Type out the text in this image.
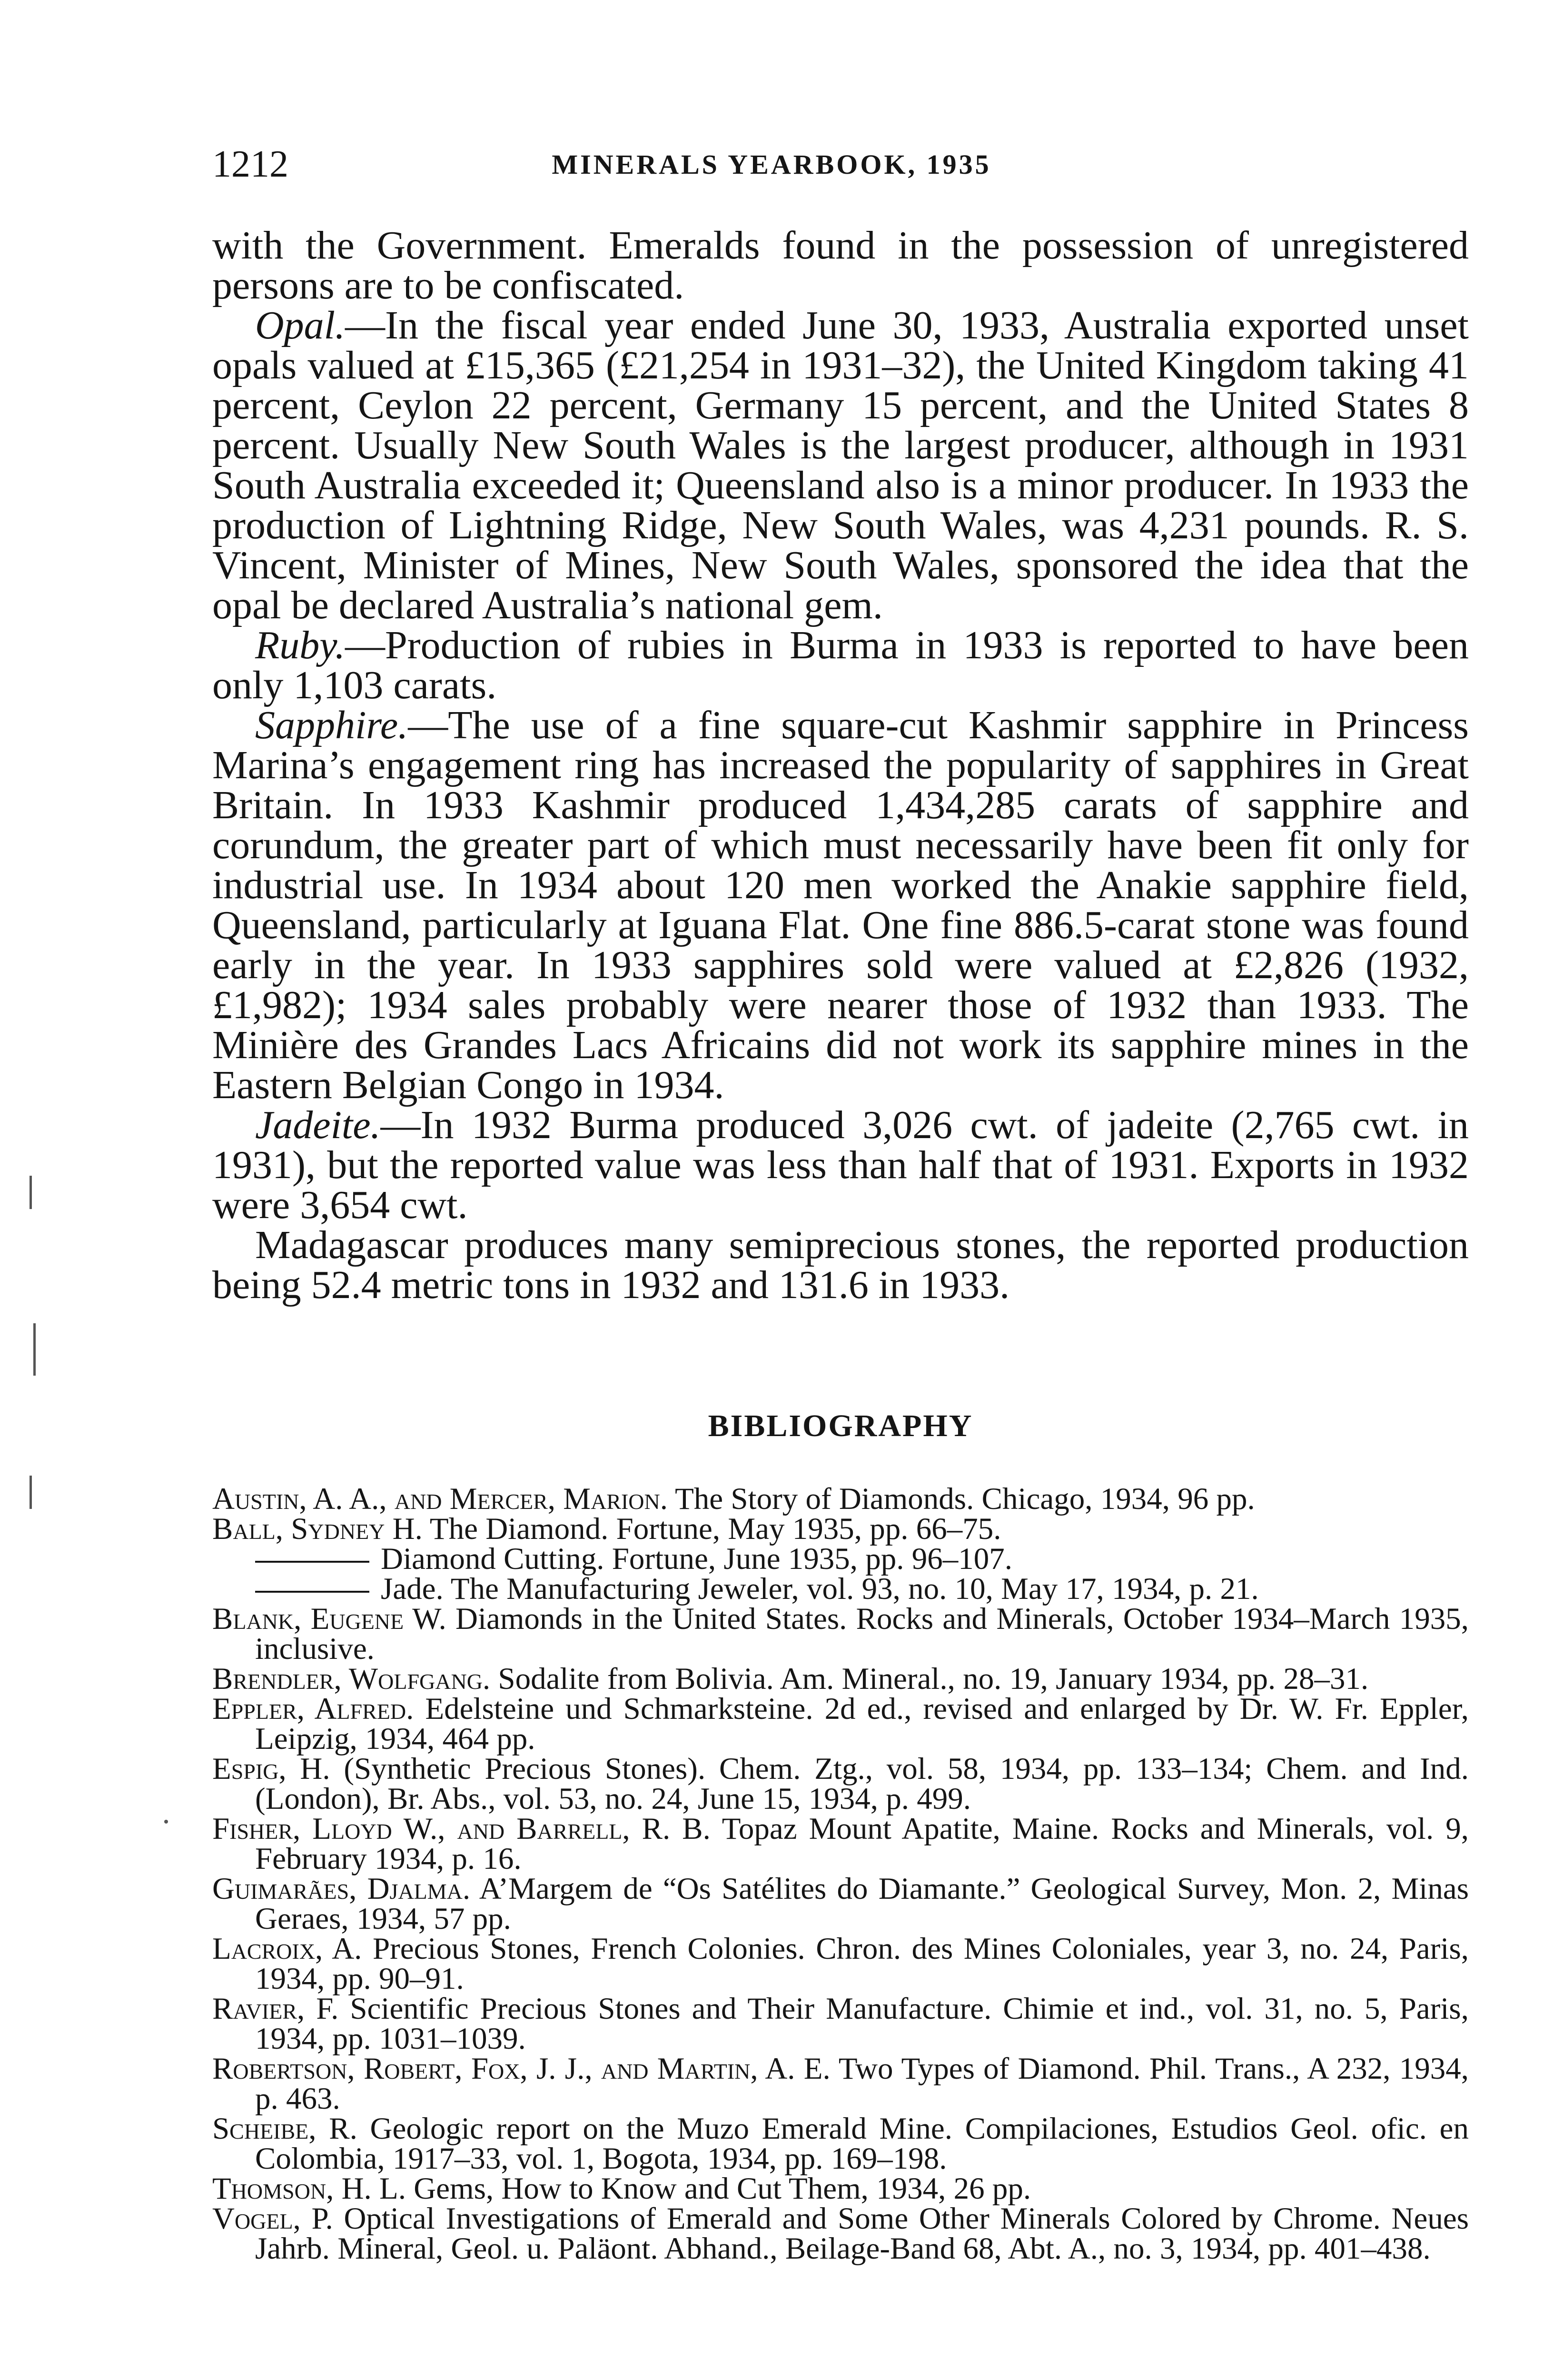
1212	MINERALS YEARBOOK, 1935

with the Government. Emeralds found in the possession of unregistered persons are to be confiscated.

Opal.—In the fiscal year ended June 30, 1933, Australia exported unset opals valued at £15,365 (£21,254 in 1931–32), the United Kingdom taking 41 percent, Ceylon 22 percent, Germany 15 percent, and the United States 8 percent. Usually New South Wales is the largest producer, although in 1931 South Australia exceeded it; Queensland also is a minor producer. In 1933 the production of Lightning Ridge, New South Wales, was 4,231 pounds. R. S. Vincent, Minister of Mines, New South Wales, sponsored the idea that the opal be declared Australia’s national gem.

Ruby.—Production of rubies in Burma in 1933 is reported to have been only 1,103 carats.

Sapphire.—The use of a fine square-cut Kashmir sapphire in Princess Marina’s engagement ring has increased the popularity of sapphires in Great Britain. In 1933 Kashmir produced 1,434,285 carats of sapphire and corundum, the greater part of which must necessarily have been fit only for industrial use. In 1934 about 120 men worked the Anakie sapphire field, Queensland, particularly at Iguana Flat. One fine 886.5-carat stone was found early in the year. In 1933 sapphires sold were valued at £2,826 (1932, £1,982); 1934 sales probably were nearer those of 1932 than 1933. The Minière des Grandes Lacs Africains did not work its sapphire mines in the Eastern Belgian Congo in 1934.

Jadeite.—In 1932 Burma produced 3,026 cwt. of jadeite (2,765 cwt. in 1931), but the reported value was less than half that of 1931. Exports in 1932 were 3,654 cwt.

Madagascar produces many semiprecious stones, the reported production being 52.4 metric tons in 1932 and 131.6 in 1933.

BIBLIOGRAPHY

Austin, A. A., and Mercer, Marion. The Story of Diamonds. Chicago, 1934, 96 pp.

Ball, Sydney H. The Diamond. Fortune, May 1935, pp. 66–75.

Diamond Cutting. Fortune, June 1935, pp. 96–107.

Jade. The Manufacturing Jeweler, vol. 93, no. 10, May 17, 1934, p. 21.

Blank, Eugene W. Diamonds in the United States. Rocks and Minerals, October 1934–March 1935, inclusive.

Brendler, Wolfgang. Sodalite from Bolivia. Am. Mineral., no. 19, January 1934, pp. 28–31.

Eppler, Alfred. Edelsteine und Schmarksteine. 2d ed., revised and enlarged by Dr. W. Fr. Eppler, Leipzig, 1934, 464 pp.

Espig, H. (Synthetic Precious Stones). Chem. Ztg., vol. 58, 1934, pp. 133–134; Chem. and Ind. (London), Br. Abs., vol. 53, no. 24, June 15, 1934, p. 499.

Fisher, Lloyd W., and Barrell, R. B. Topaz Mount Apatite, Maine. Rocks and Minerals, vol. 9, February 1934, p. 16.

Guimarães, Djalma. A’Margem de “Os Satélites do Diamante.” Geological Survey, Mon. 2, Minas Geraes, 1934, 57 pp.

Lacroix, A. Precious Stones, French Colonies. Chron. des Mines Coloniales, year 3, no. 24, Paris, 1934, pp. 90–91.

Ravier, F. Scientific Precious Stones and Their Manufacture. Chimie et ind., vol. 31, no. 5, Paris, 1934, pp. 1031–1039.

Robertson, Robert, Fox, J. J., and Martin, A. E. Two Types of Diamond. Phil. Trans., A 232, 1934, p. 463.

Scheibe, R. Geologic report on the Muzo Emerald Mine. Compilaciones, Estudios Geol. ofic. en Colombia, 1917–33, vol. 1, Bogota, 1934, pp. 169–198.

Thomson, H. L. Gems, How to Know and Cut Them, 1934, 26 pp.

Vogel, P. Optical Investigations of Emerald and Some Other Minerals Colored by Chrome. Neues Jahrb. Mineral, Geol. u. Paläont. Abhand., Beilage-Band 68, Abt. A., no. 3, 1934, pp. 401–438.
